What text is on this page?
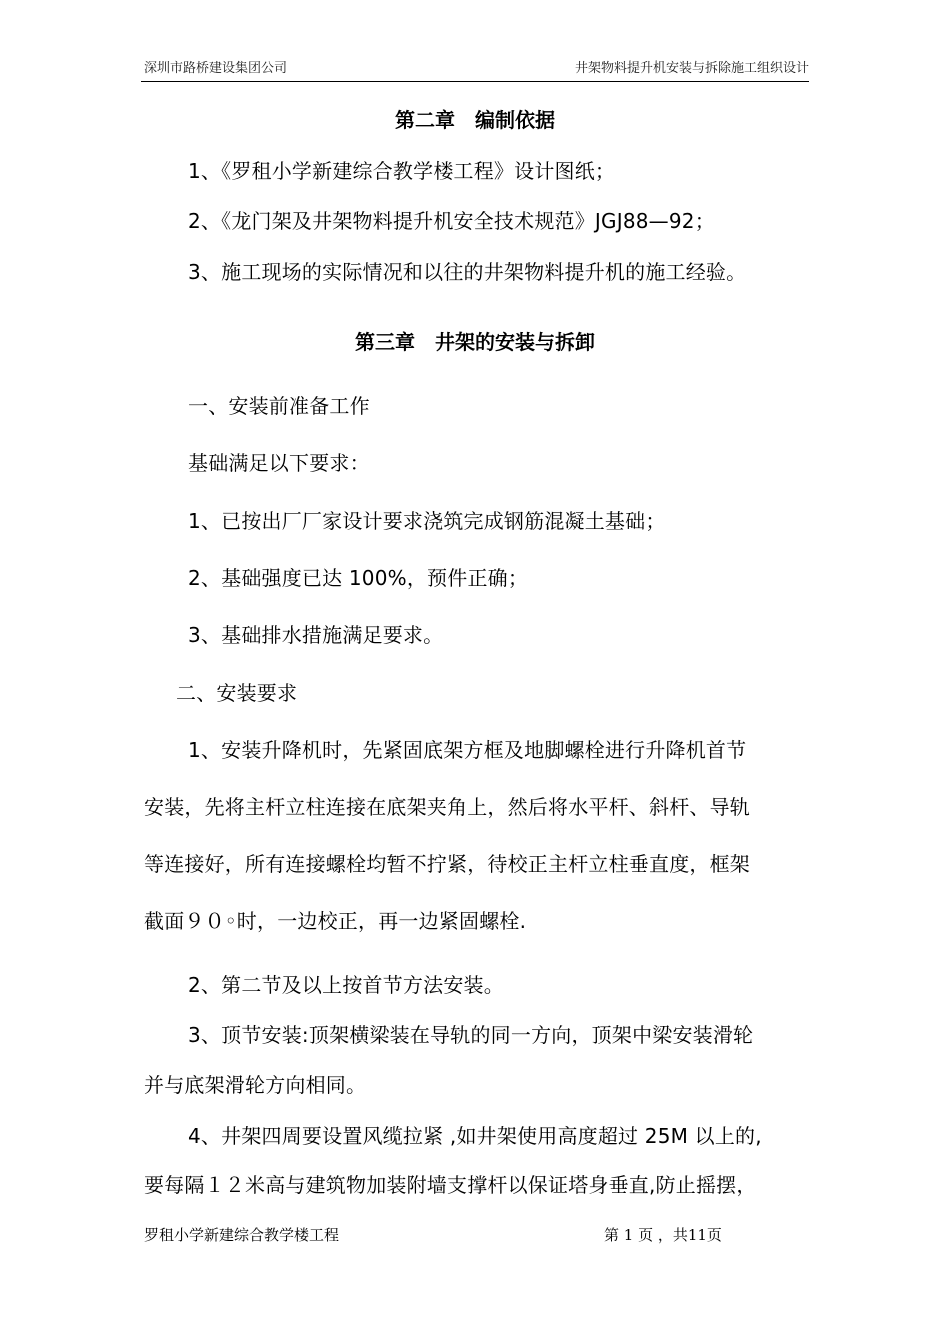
深圳市路桥建设集团公司	井架物料提升机安装与拆除施工组织设计
第二章　编制依据
1、《罗租小学新建综合教学楼工程》设计图纸；
2、《龙门架及井架物料提升机安全技术规范》JGJ88—92；
3、施工现场的实际情况和以往的井架物料提升机的施工经验。
第三章　井架的安装与拆卸
一、安装前准备工作
基础满足以下要求：
1、已按出厂厂家设计要求浇筑完成钢筋混凝土基础；
2、基础强度已达 100%，预件正确；
3、基础排水措施满足要求。
二、安装要求
1、安装升降机时，先紧固底架方框及地脚螺栓进行升降机首节
安装，先将主杆立柱连接在底架夹角上，然后将水平杆、斜杆、导轨
等连接好，所有连接螺栓均暂不拧紧，待校正主杆立柱垂直度，框架
截面９０◦时，一边校正，再一边紧固螺栓.
2、第二节及以上按首节方法安装。
3、顶节安装:顶架横梁装在导轨的同一方向，顶架中梁安装滑轮
并与底架滑轮方向相同。
4、井架四周要设置风缆拉紧 ,如井架使用高度超过 25M 以上的,
要每隔１２米高与建筑物加装附墙支撑杆以保证塔身垂直,防止摇摆，
罗租小学新建综合教学楼工程	第 1 页 ，共11页
